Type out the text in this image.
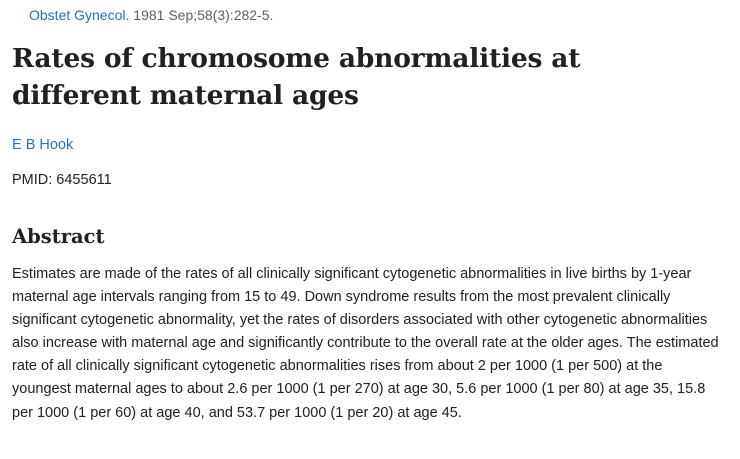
Obstet Gynecol. 1981 Sep;58(3):282-5.
Rates of chromosome abnormalities at different maternal ages
E B Hook
PMID: 6455611
Abstract

Estimates are made of the rates of all clinically significant cytogenetic abnormalities in live births by 1-year maternal age intervals ranging from 15 to 49. Down syndrome results from the most prevalent clinically significant cytogenetic abnormality, yet the rates of disorders associated with other cytogenetic abnormalities also increase with maternal age and significantly contribute to the overall rate at the older ages. The estimated rate of all clinically significant cytogenetic abnormalities rises from about 2 per 1000 (1 per 500) at the youngest maternal ages to about 2.6 per 1000 (1 per 270) at age 30, 5.6 per 1000 (1 per 80) at age 35, 15.8 per 1000 (1 per 60) at age 40, and 53.7 per 1000 (1 per 20) at age 45.
